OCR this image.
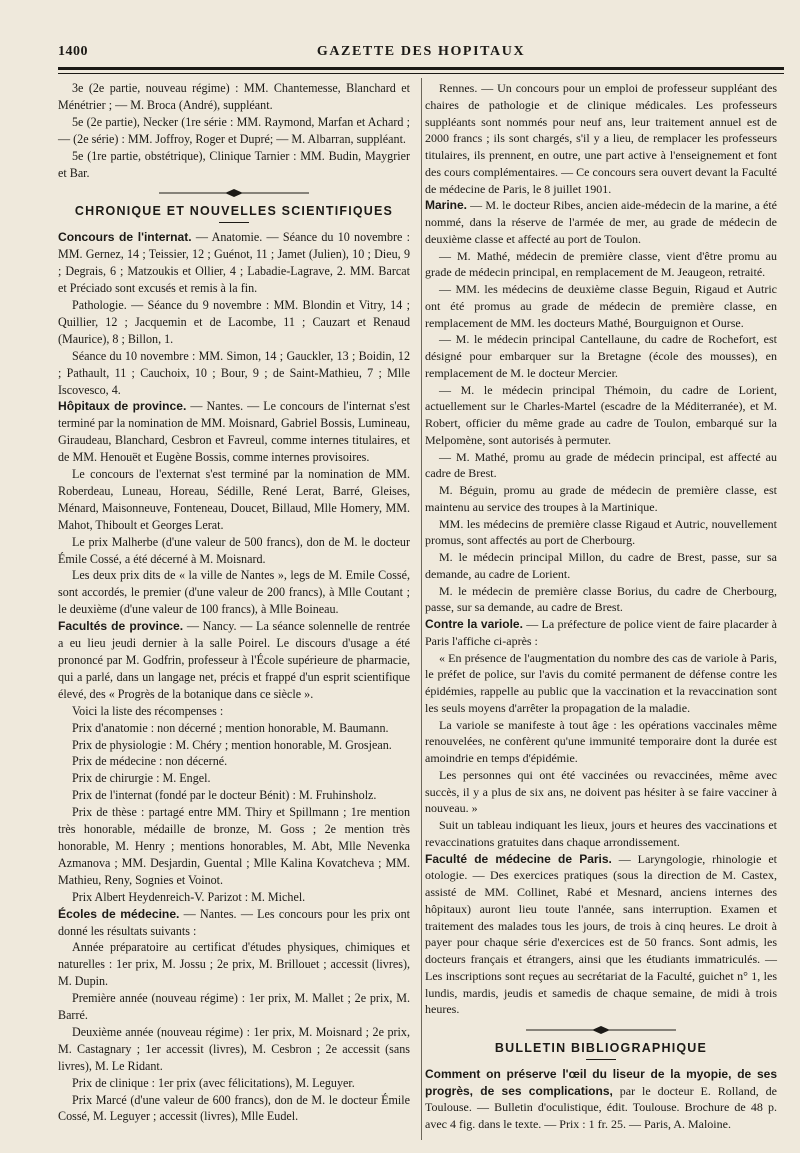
1400	GAZETTE DES HOPITAUX

3e (2e partie, nouveau régime) : MM. Chantemesse, Blanchard et Ménétrier ; — M. Broca (André), suppléant.

5e (2e partie), Necker (1re série : MM. Raymond, Marfan et Achard ; — (2e série) : MM. Joffroy, Roger et Dupré; — M. Albarran, suppléant.

5e (1re partie, obstétrique), Clinique Tarnier : MM. Budin, Maygrier et Bar.

CHRONIQUE ET NOUVELLES SCIENTIFIQUES

Concours de l'internat. — Anatomie. — Séance du 10 novembre : MM. Gernez, 14 ; Teissier, 12 ; Guénot, 11 ; Jamet (Julien), 10 ; Dieu, 9 ; Degrais, 6 ; Matzoukis et Ollier, 4 ; Labadie-Lagrave, 2. MM. Barcat et Préciado sont excusés et remis à la fin.

Pathologie. — Séance du 9 novembre : MM. Blondin et Vitry, 14 ; Quillier, 12 ; Jacquemin et de Lacombe, 11 ; Cauzart et Renaud (Maurice), 8 ; Billon, 1.

Séance du 10 novembre : MM. Simon, 14 ; Gauckler, 13 ; Boidin, 12 ; Pathault, 11 ; Cauchoix, 10 ; Bour, 9 ; de Saint-Mathieu, 7 ; Mlle Iscovesco, 4.

Hôpitaux de province. — Nantes. — Le concours de l'internat s'est terminé par la nomination de MM. Moisnard, Gabriel Bossis, Lumineau, Giraudeau, Blanchard, Cesbron et Favreul, comme internes titulaires, et de MM. Henouët et Eugène Bossis, comme internes provisoires.

Le concours de l'externat s'est terminé par la nomination de MM. Roberdeau, Luneau, Horeau, Sédille, René Lerat, Barré, Gleises, Ménard, Maisonneuve, Fonteneau, Doucet, Billaud, Mlle Homery, MM. Mahot, Thiboult et Georges Lerat.

Le prix Malherbe (d'une valeur de 500 francs), don de M. le docteur Émile Cossé, a été décerné à M. Moisnard.

Les deux prix dits de « la ville de Nantes », legs de M. Emile Cossé, sont accordés, le premier (d'une valeur de 200 francs), à Mlle Coutant ; le deuxième (d'une valeur de 100 francs), à Mlle Boineau.

Facultés de province. — Nancy. — La séance solennelle de rentrée a eu lieu jeudi dernier à la salle Poirel. Le discours d'usage a été prononcé par M. Godfrin, professeur à l'École supérieure de pharmacie, qui a parlé, dans un langage net, précis et frappé d'un esprit scientifique élevé, des « Progrès de la botanique dans ce siècle ».

Voici la liste des récompenses :

Prix d'anatomie : non décerné ; mention honorable, M. Baumann.

Prix de physiologie : M. Chéry ; mention honorable, M. Grosjean.

Prix de médecine : non décerné.

Prix de chirurgie : M. Engel.

Prix de l'internat (fondé par le docteur Bénit) : M. Fruhinsholz.

Prix de thèse : partagé entre MM. Thiry et Spillmann ; 1re mention très honorable, médaille de bronze, M. Goss ; 2e mention très honorable, M. Henry ; mentions honorables, M. Abt, Mlle Nevenka Azmanova ; MM. Desjardin, Guental ; Mlle Kalina Kovatcheva ; MM. Mathieu, Reny, Sognies et Voinot.

Prix Albert Heydenreich-V. Parizot : M. Michel.

Écoles de médecine. — Nantes. — Les concours pour les prix ont donné les résultats suivants :

Année préparatoire au certificat d'études physiques, chimiques et naturelles : 1er prix, M. Jossu ; 2e prix, M. Brillouet ; accessit (livres), M. Dupin.

Première année (nouveau régime) : 1er prix, M. Mallet ; 2e prix, M. Barré.

Deuxième année (nouveau régime) : 1er prix, M. Moisnard ; 2e prix, M. Castagnary ; 1er accessit (livres), M. Cesbron ; 2e accessit (sans livres), M. Le Ridant.

Prix de clinique : 1er prix (avec félicitations), M. Leguyer.

Prix Marcé (d'une valeur de 600 francs), don de M. le docteur Émile Cossé, M. Leguyer ; accessit (livres), Mlle Eudel.

Rennes. — Un concours pour un emploi de professeur suppléant des chaires de pathologie et de clinique médicales. Les professeurs suppléants sont nommés pour neuf ans, leur traitement annuel est de 2000 francs ; ils sont chargés, s'il y a lieu, de remplacer les professeurs titulaires, ils prennent, en outre, une part active à l'enseignement et font des cours complémentaires. — Ce concours sera ouvert devant la Faculté de médecine de Paris, le 8 juillet 1901.

Marine. — M. le docteur Ribes, ancien aide-médecin de la marine, a été nommé, dans la réserve de l'armée de mer, au grade de médecin de deuxième classe et affecté au port de Toulon.

— M. Mathé, médecin de première classe, vient d'être promu au grade de médecin principal, en remplacement de M. Jeaugeon, retraité.

— MM. les médecins de deuxième classe Beguin, Rigaud et Autric ont été promus au grade de médecin de première classe, en remplacement de MM. les docteurs Mathé, Bourguignon et Ourse.

— M. le médecin principal Cantellaune, du cadre de Rochefort, est désigné pour embarquer sur la Bretagne (école des mousses), en remplacement de M. le docteur Mercier.

— M. le médecin principal Thémoin, du cadre de Lorient, actuellement sur le Charles-Martel (escadre de la Méditerranée), et M. Robert, officier du même grade au cadre de Toulon, embarqué sur la Melpomène, sont autorisés à permuter.

— M. Mathé, promu au grade de médecin principal, est affecté au cadre de Brest.

M. Béguin, promu au grade de médecin de première classe, est maintenu au service des troupes à la Martinique.

MM. les médecins de première classe Rigaud et Autric, nouvellement promus, sont affectés au port de Cherbourg.

M. le médecin principal Millon, du cadre de Brest, passe, sur sa demande, au cadre de Lorient.

M. le médecin de première classe Borius, du cadre de Cherbourg, passe, sur sa demande, au cadre de Brest.

Contre la variole. — La préfecture de police vient de faire placarder à Paris l'affiche ci-après :

« En présence de l'augmentation du nombre des cas de variole à Paris, le préfet de police, sur l'avis du comité permanent de défense contre les épidémies, rappelle au public que la vaccination et la revaccination sont les seuls moyens d'arrêter la propagation de la maladie.

La variole se manifeste à tout âge : les opérations vaccinales même renouvelées, ne confèrent qu'une immunité temporaire dont la durée est amoindrie en temps d'épidémie.

Les personnes qui ont été vaccinées ou revaccinées, même avec succès, il y a plus de six ans, ne doivent pas hésiter à se faire vacciner à nouveau. »

Suit un tableau indiquant les lieux, jours et heures des vaccinations et revaccinations gratuites dans chaque arrondissement.

Faculté de médecine de Paris. — Laryngologie, rhinologie et otologie. — Des exercices pratiques (sous la direction de M. Castex, assisté de MM. Collinet, Rabé et Mesnard, anciens internes des hôpitaux) auront lieu toute l'année, sans interruption. Examen et traitement des malades tous les jours, de trois à cinq heures. Le droit à payer pour chaque série d'exercices est de 50 francs. Sont admis, les docteurs français et étrangers, ainsi que les étudiants immatriculés. — Les inscriptions sont reçues au secrétariat de la Faculté, guichet n° 1, les lundis, mardis, jeudis et samedis de chaque semaine, de midi à trois heures.

BULLETIN BIBLIOGRAPHIQUE

Comment on préserve l'œil du liseur de la myopie, de ses progrès, de ses complications, par le docteur E. Rolland, de Toulouse. — Bulletin d'oculistique, édit. Toulouse. Brochure de 48 p. avec 4 fig. dans le texte. — Prix : 1 fr. 25. — Paris, A. Maloine.
